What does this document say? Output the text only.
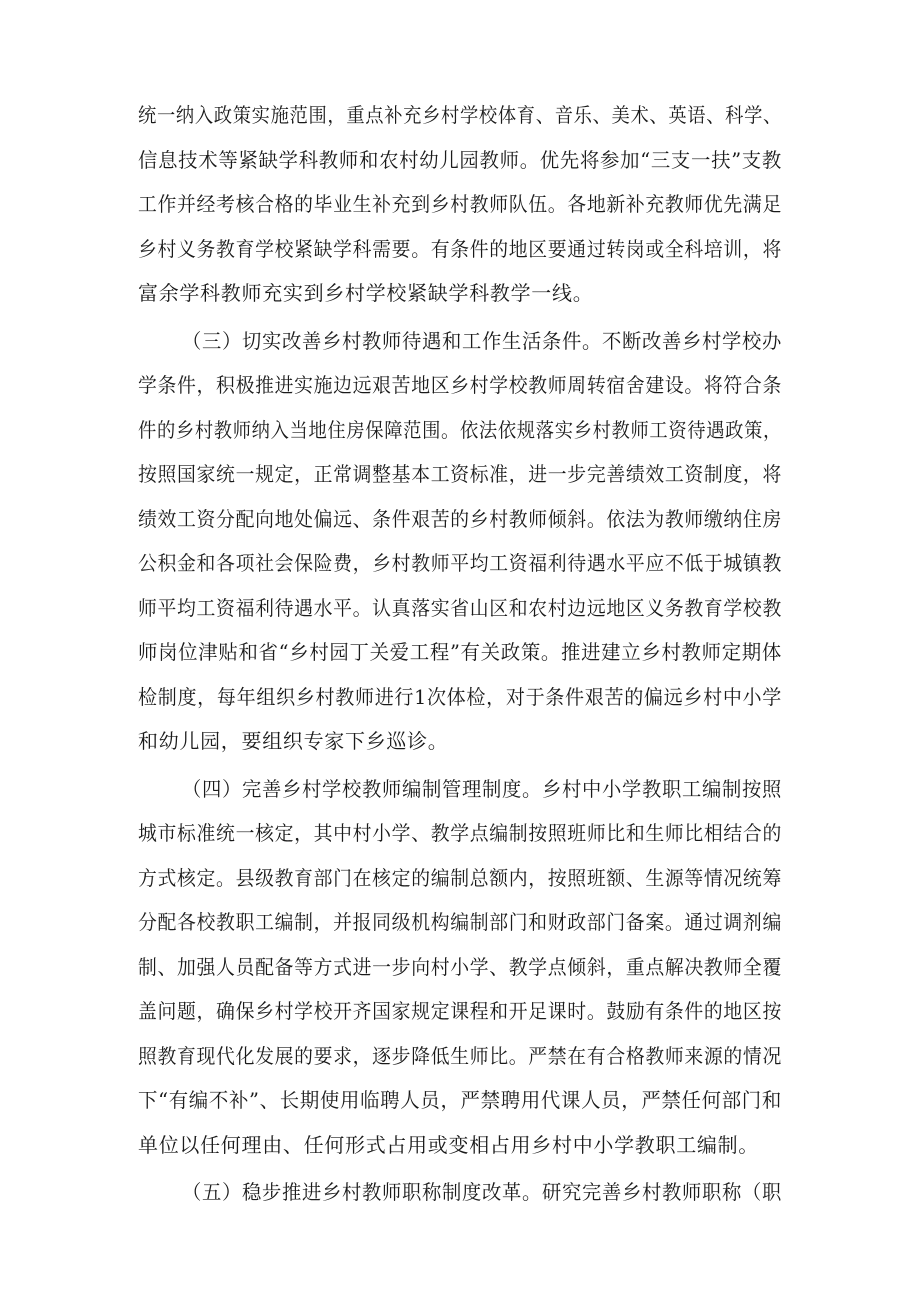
统一纳入政策实施范围，重点补充乡村学校体育、音乐、美术、英语、科学、
信息技术等紧缺学科教师和农村幼儿园教师。优先将参加“三支一扶”支教
工作并经考核合格的毕业生补充到乡村教师队伍。各地新补充教师优先满足
乡村义务教育学校紧缺学科需要。有条件的地区要通过转岗或全科培训，将
富余学科教师充实到乡村学校紧缺学科教学一线。
（三）切实改善乡村教师待遇和工作生活条件。不断改善乡村学校办
学条件，积极推进实施边远艰苦地区乡村学校教师周转宿舍建设。将符合条
件的乡村教师纳入当地住房保障范围。依法依规落实乡村教师工资待遇政策，
按照国家统一规定，正常调整基本工资标准，进一步完善绩效工资制度，将
绩效工资分配向地处偏远、条件艰苦的乡村教师倾斜。依法为教师缴纳住房
公积金和各项社会保险费，乡村教师平均工资福利待遇水平应不低于城镇教
师平均工资福利待遇水平。认真落实省山区和农村边远地区义务教育学校教
师岗位津贴和省“乡村园丁关爱工程”有关政策。推进建立乡村教师定期体
检制度，每年组织乡村教师进行1次体检，对于条件艰苦的偏远乡村中小学
和幼儿园，要组织专家下乡巡诊。
（四）完善乡村学校教师编制管理制度。乡村中小学教职工编制按照
城市标准统一核定，其中村小学、教学点编制按照班师比和生师比相结合的
方式核定。县级教育部门在核定的编制总额内，按照班额、生源等情况统筹
分配各校教职工编制，并报同级机构编制部门和财政部门备案。通过调剂编
制、加强人员配备等方式进一步向村小学、教学点倾斜，重点解决教师全覆
盖问题，确保乡村学校开齐国家规定课程和开足课时。鼓励有条件的地区按
照教育现代化发展的要求，逐步降低生师比。严禁在有合格教师来源的情况
下“有编不补”、长期使用临聘人员，严禁聘用代课人员，严禁任何部门和
单位以任何理由、任何形式占用或变相占用乡村中小学教职工编制。
（五）稳步推进乡村教师职称制度改革。研究完善乡村教师职称（职
